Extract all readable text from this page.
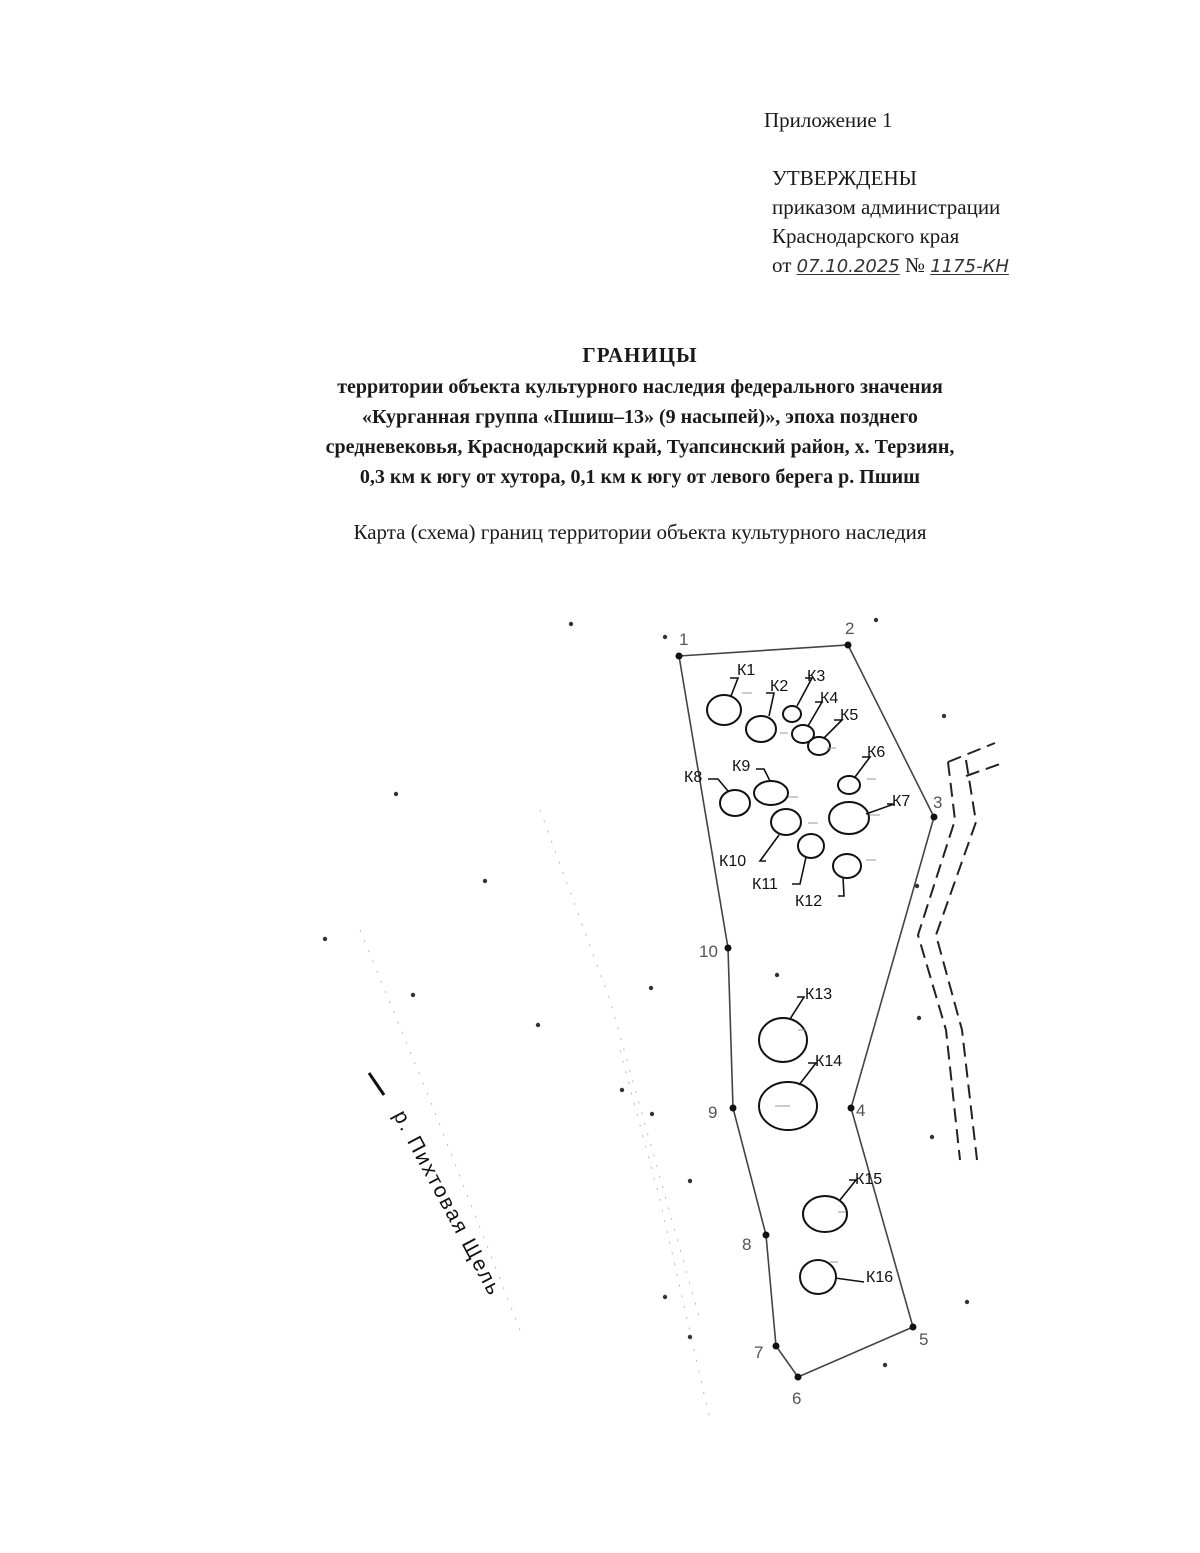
Приложение 1
УТВЕРЖДЕНЫ
приказом администрации
Краснодарского края
от 07.10.2025 № 1175-КН
ГРАНИЦЫ
территории объекта культурного наследия федерального значения
«Курганная группа «Пшиш–13» (9 насыпей)», эпоха позднего
средневековья, Краснодарский край, Туапсинский район, х. Терзиян,
0,3 км к югу от хутора, 0,1 км к югу от левого берега р. Пшиш
Карта (схема) границ территории объекта культурного наследия
1
2
3
4
5
6
7
8
9
10
К1
К2
К3
К4
К5
К6
К7
К8
К9
К10
К11
К12
К13
К14
К15
К16
р. Пихтовая Щель
